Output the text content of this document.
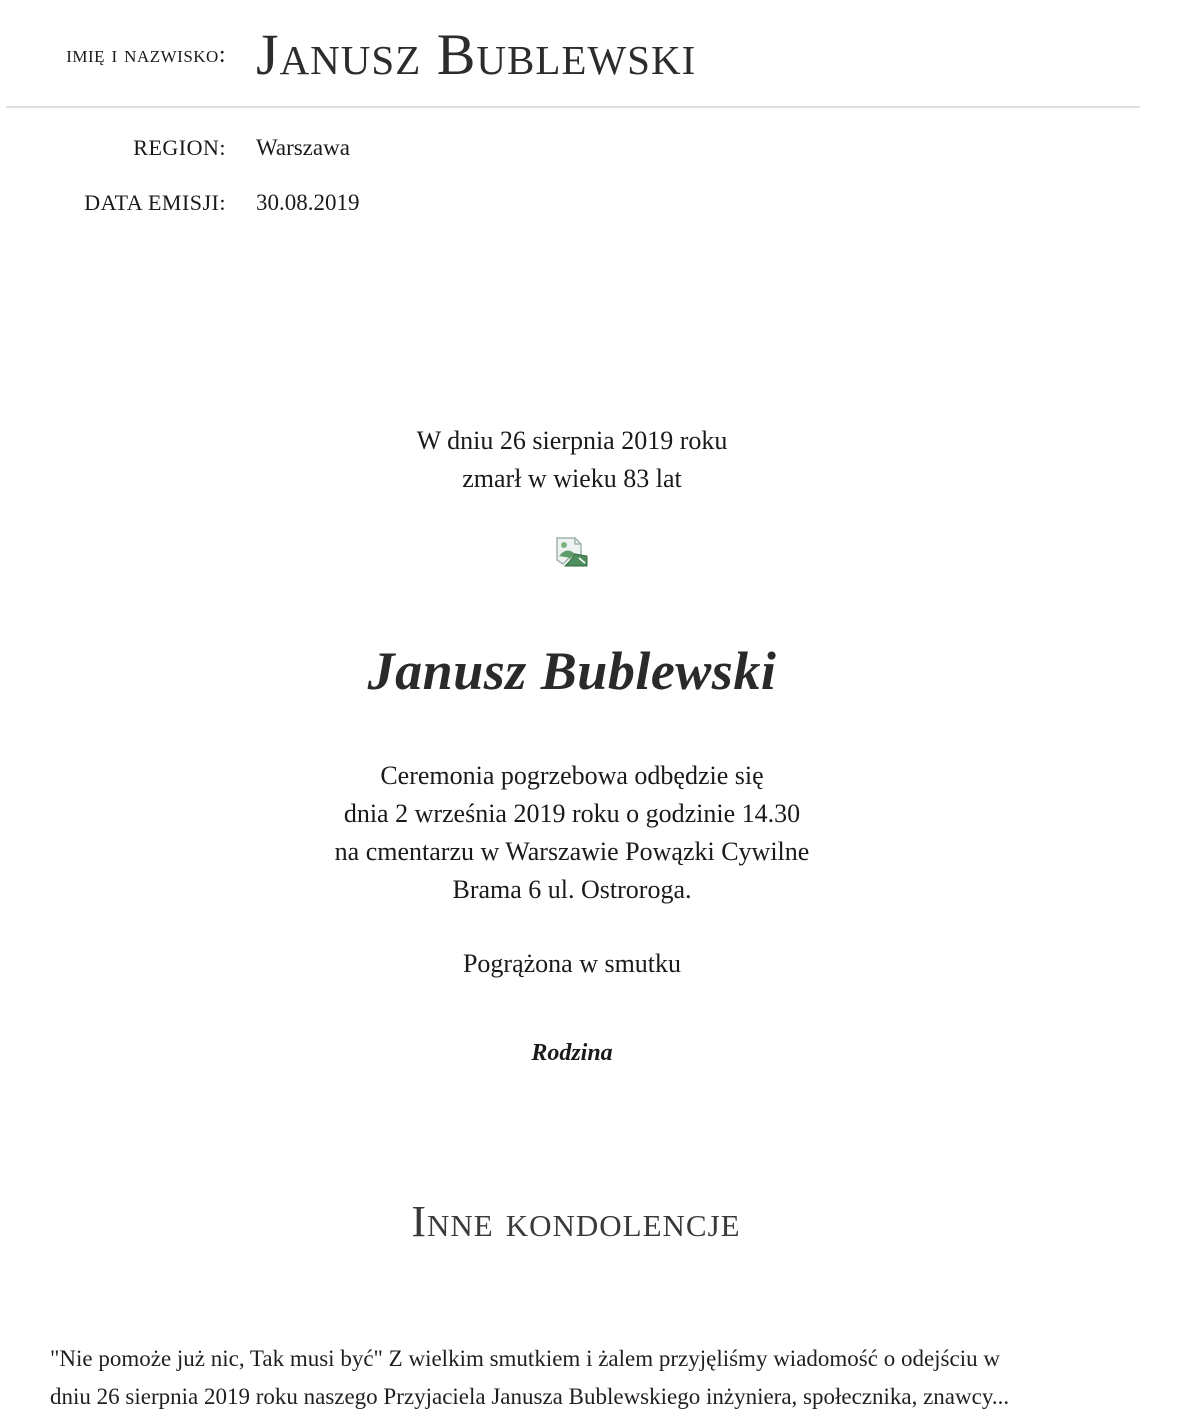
imię i nazwisko: Janusz Bublewski
REGION: Warszawa
DATA EMISJI: 30.08.2019
W dniu 26 sierpnia 2019 roku
zmarł w wieku 83 lat
Janusz Bublewski
Ceremonia pogrzebowa odbędzie się
dnia 2 września 2019 roku o godzinie 14.30
na cmentarzu w Warszawie Powązki Cywilne
Brama 6 ul. Ostroroga.
Pogrążona w smutku
Rodzina
Inne kondolencje
"Nie pomoże już nic, Tak musi być" Z wielkim smutkiem i żalem przyjęliśmy wiadomość o odejściu w
dniu 26 sierpnia 2019 roku naszego Przyjaciela Janusza Bublewskiego inżyniera, społecznika, znawcy...
